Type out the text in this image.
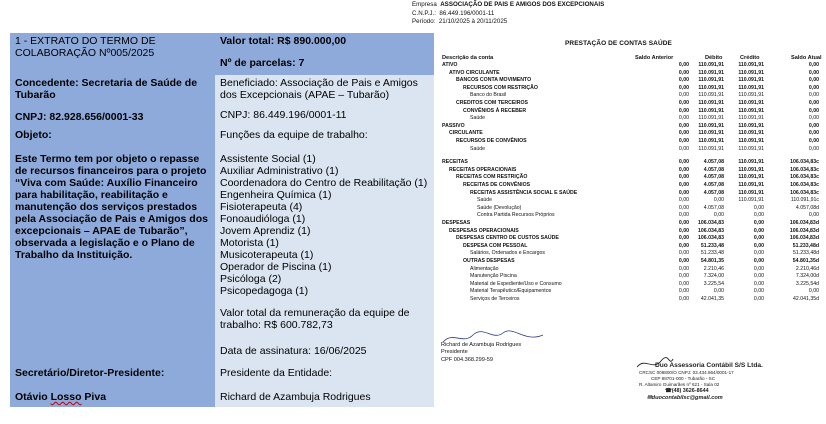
1 - EXTRATO DO TERMO DE COLABORAÇÃO Nº005/2025
Valor total: R$ 890.000,00
Nº de parcelas: 7
Concedente: Secretaria de Saúde de Tubarão
CNPJ: 82.928.656/0001-33
Beneficiado: Associação de Pais e Amigos dos Excepcionais (APAE – Tubarão)
CNPJ: 86.449.196/0001-11
Objeto:
Este Termo tem por objeto o repasse de recursos financeiros para o projeto “Viva com Saúde: Auxílio Financeiro para habilitação, reabilitação e manutenção dos serviços prestados pela Associação de Pais e Amigos dos excepcionais – APAE de Tubarão”, observada a legislação e o Plano de Trabalho da Instituição.
Funções da equipe de trabalho:
Assistente Social (1)
Auxiliar Administrativo (1)
Coordenadora do Centro de Reabilitação (1)
Engenheira Química (1)
Fisioterapeuta (4)
Fonoaudióloga (1)
Jovem Aprendiz (1)
Motorista (1)
Musicoterapeuta (1)
Operador de Piscina (1)
Psicóloga (2)
Psicopedagoga (1)
Valor total da remuneração da equipe de trabalho: R$ 600.782,73
Data de assinatura: 16/06/2025
Secretário/Diretor-Presidente:
Otávio Losso Piva
Presidente da Entidade:
Richard de Azambuja Rodrigues
Empresa ASSOCIAÇÃO DE PAIS E AMIGOS DOS EXCEPCIONAIS
C.N.P.J.: 86.449.196/0001-11
Período: 21/10/2025 à 20/11/2025
PRESTAÇÃO DE CONTAS SAÚDE
Descrição da conta	Saldo Anterior	Débito	Crédito	Saldo Atual
ATIVO	0,00 110.091,91	110.091,91	0,00
ATIVO CIRCULANTE	0,00 110.091,91	110.091,91	0,00
BANCOS CONTA MOVIMENTO	0,00 110.091,91	110.091,91	0,00
RECURSOS COM RESTRIÇÃO	0,00 110.091,91	110.091,91	0,00
Banco do Brasil	0,00 110.091,91	110.091,91	0,00
CREDITOS COM TERCEIROS	0,00 110.091,91	110.091,91	0,00
CONVÊNIOS À RECEBER	0,00 110.091,91	110.091,91	0,00
Saúde	0,00 110.091,91	110.091,91	0,00
PASSIVO	0,00 110.091,91	110.091,91	0,00
CIRCULANTE	0,00 110.091,91	110.091,91	0,00
RECURSOS DE CONVÊNIOS	0,00 110.091,91	110.091,91	0,00
Saúde	0,00 110.091,91	110.091,91	0,00
RECEITAS	0,00	4.057,08	110.091,91	106.034,83c
RECEITAS OPERACIONAIS	0,00	4.057,08	110.091,91	106.034,83c
RECEITAS COM RESTRIÇÃO	0,00	4.057,08	110.091,91	106.034,83c
RECEITAS DE CONVÊNIOS	0,00	4.057,08	110.091,91	106.034,83c
RECEITAS ASSISTÊNCIA SOCIAL E SAÚDE	0,00	4.057,08	110.091,91	106.034,83c
Saúde	0,00	0,00	110.091,91	110.091,91c
Saúde (Devolução)	0,00	4.057,08	0,00	4.057,08d
Contra Partida Recursos Próprios	0,00	0,00	0,00	0,00
DESPESAS	0,00 106.034,83	0,00	106.034,83d
DESPESAS OPERACIONAIS	0,00 106.034,83	0,00	106.034,83d
DESPESAS CENTRO DE CUSTOS SAÚDE	0,00 106.034,83	0,00	106.034,83d
DESPESA COM PESSOAL	0,00 51.233,48	0,00	51.233,48d
Salários, Ordenados e Encargos	0,00 51.233,48	0,00	51.233,48d
OUTRAS DESPESAS	0,00 54.801,35	0,00	54.801,35d
Alimentação	0,00	2.210,46	0,00	2.210,46d
Manutenção Piscina	0,00	7.324,00	0,00	7.324,00d
Material de Expediente/Uso e Consumo	0,00	3.225,54	0,00	3.225,54d
Material Terapêutico/Equipamentos	0,00	0,00	0,00	0,00
Serviços de Terceiros	0,00 42.041,35	0,00	42.041,35d
Richard de Azambuja Rodrigues
Presidente
CPF 004.368.299-59
Duo Assessoria Contábil S/S Ltda.
CRCSC 008800/O CNPJ: 03.434.864/0001-17
CEP 88701-000 - Tubarão - SC
R. Altamiro Guimarães nº 621 - Sala 02
☎(48) 3626-8644
✉duocontabilsc@gmail.com
